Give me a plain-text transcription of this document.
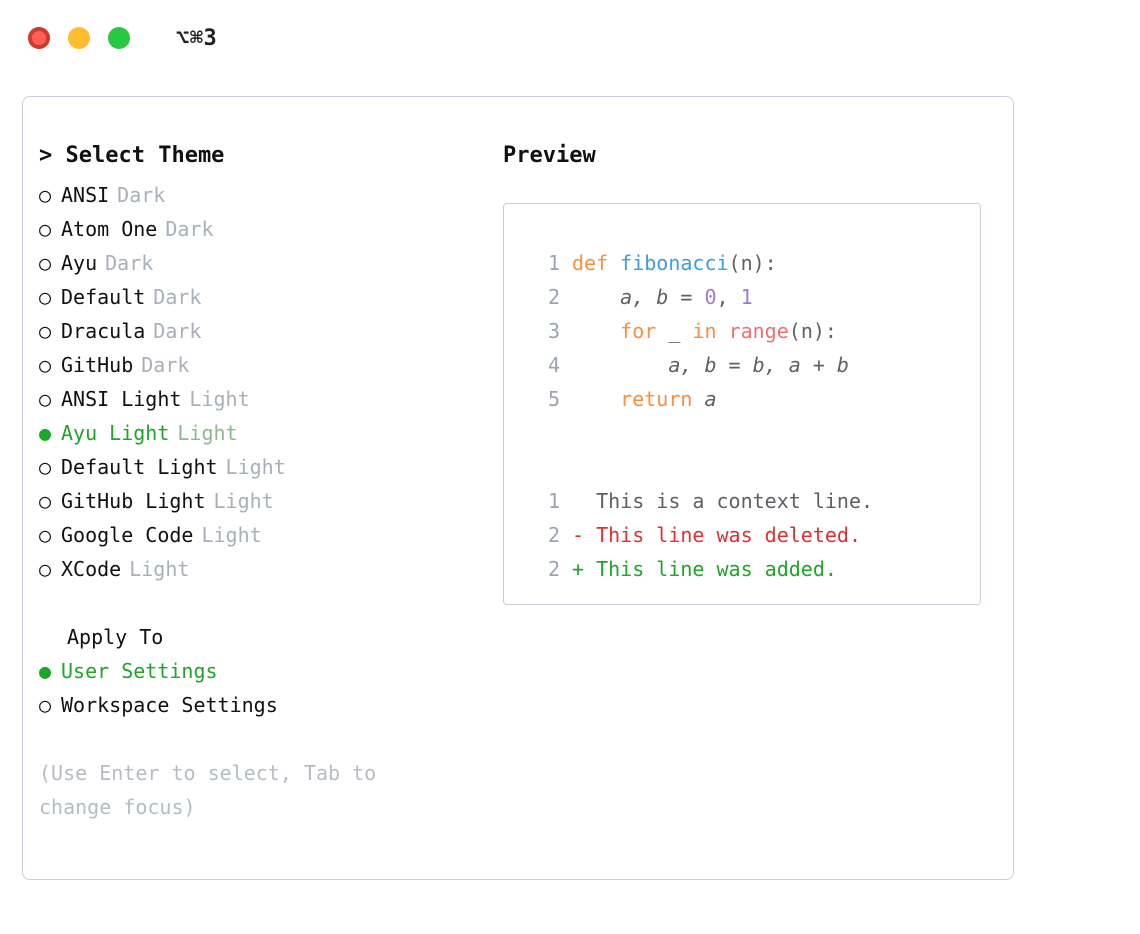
⌥⌘3
> Select Theme
○ ANSI Dark
○ Atom One Dark
○ Ayu Dark
○ Default Dark
○ Dracula Dark
○ GitHub Dark
○ ANSI Light Light
● Ayu Light Light
○ Default Light Light
○ GitHub Light Light
○ Google Code Light
○ XCode Light
Apply To
● User Settings
○ Workspace Settings
(Use Enter to select, Tab to change focus)
Preview
1 def fibonacci (n):
2 a, b = 0 , 1
3
	for _ in
range (n):
4 a, b = b, a + b
5
	return a
1
This is a context line.
2 - This line was deleted.
2 + This line was added.
